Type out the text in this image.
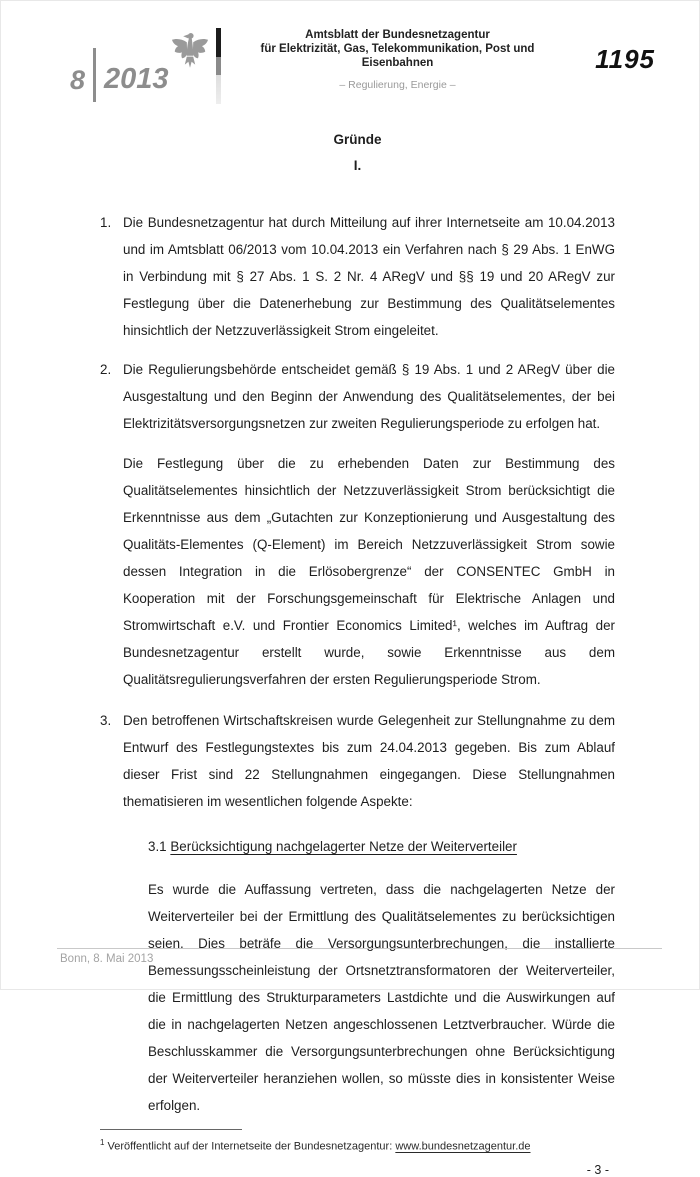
8 2013
Amtsblatt der Bundesnetzagentur
für Elektrizität, Gas, Telekommunikation, Post und Eisenbahnen
– Regulierung, Energie –
1195
Gründe
I.
1. Die Bundesnetzagentur hat durch Mitteilung auf ihrer Internetseite am 10.04.2013 und im Amtsblatt 06/2013 vom 10.04.2013 ein Verfahren nach § 29 Abs. 1 EnWG in Verbindung mit § 27 Abs. 1 S. 2 Nr. 4 ARegV und §§ 19 und 20 ARegV zur Festlegung über die Datenerhebung zur Bestimmung des Qualitätselementes hinsichtlich der Netzzuverlässigkeit Strom eingeleitet.
2. Die Regulierungsbehörde entscheidet gemäß § 19 Abs. 1 und 2 ARegV über die Ausgestaltung und den Beginn der Anwendung des Qualitätselementes, der bei Elektrizitätsversorgungsnetzen zur zweiten Regulierungsperiode zu erfolgen hat.
Die Festlegung über die zu erhebenden Daten zur Bestimmung des Qualitätselementes hinsichtlich der Netzzuverlässigkeit Strom berücksichtigt die Erkenntnisse aus dem „Gutachten zur Konzeptionierung und Ausgestaltung des Qualitäts-Elementes (Q-Element) im Bereich Netzzuverlässigkeit Strom sowie dessen Integration in die Erlösobergrenze“ der CONSENTEC GmbH in Kooperation mit der Forschungsgemeinschaft für Elektrische Anlagen und Stromwirtschaft e.V. und Frontier Economics Limited¹, welches im Auftrag der Bundesnetzagentur erstellt wurde, sowie Erkenntnisse aus dem Qualitätsregulierungsverfahren der ersten Regulierungsperiode Strom.
3. Den betroffenen Wirtschaftskreisen wurde Gelegenheit zur Stellungnahme zu dem Entwurf des Festlegungstextes bis zum 24.04.2013 gegeben. Bis zum Ablauf dieser Frist sind 22 Stellungnahmen eingegangen. Diese Stellungnahmen thematisieren im wesentlichen folgende Aspekte:
3.1 Berücksichtigung nachgelagerter Netze der Weiterverteiler
Es wurde die Auffassung vertreten, dass die nachgelagerten Netze der Weiterverteiler bei der Ermittlung des Qualitätselementes zu berücksichtigen seien. Dies beträfe die Versorgungsunterbrechungen, die installierte Bemessungsscheinleistung der Ortsnetztransformatoren der Weiterverteiler, die Ermittlung des Strukturparameters Lastdichte und die Auswirkungen auf die in nachgelagerten Netzen angeschlossenen Letztverbraucher. Würde die Beschlusskammer die Versorgungsunterbrechungen ohne Berücksichtigung der Weiterverteiler heranziehen wollen, so müsste dies in konsistenter Weise erfolgen.
$^1$ Veröffentlicht auf der Internetseite der Bundesnetzagentur: www.bundesnetzagentur.de
- 3 -
Bonn, 8. Mai 2013
